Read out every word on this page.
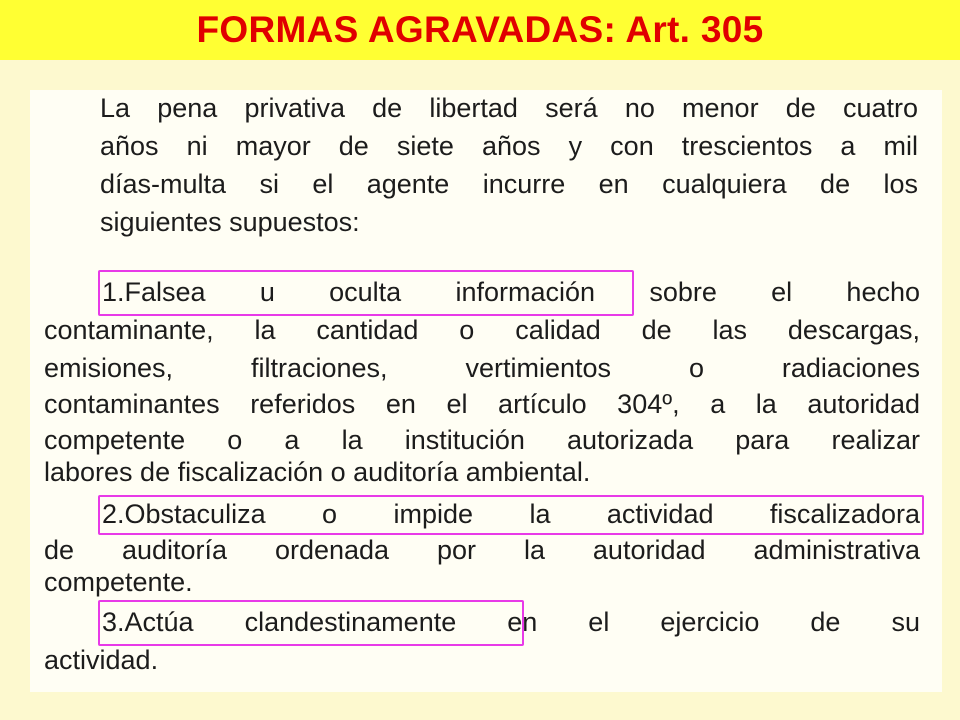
FORMAS AGRAVADAS: Art. 305
La pena privativa de libertad será no menor de cuatro
años ni mayor de siete años y con trescientos a mil
días-multa si el agente incurre en cualquiera de los
siguientes supuestos:
1.Falsea u oculta información sobre el hecho
contaminante, la cantidad o calidad de las descargas,
emisiones, filtraciones, vertimientos o radiaciones
contaminantes referidos en el artículo 304º, a la autoridad
competente o a la institución autorizada para realizar
labores de fiscalización o auditoría ambiental.
2.Obstaculiza o impide la actividad fiscalizadora
de auditoría ordenada por la autoridad administrativa
competente.
3.Actúa clandestinamente en el ejercicio de su
actividad.
